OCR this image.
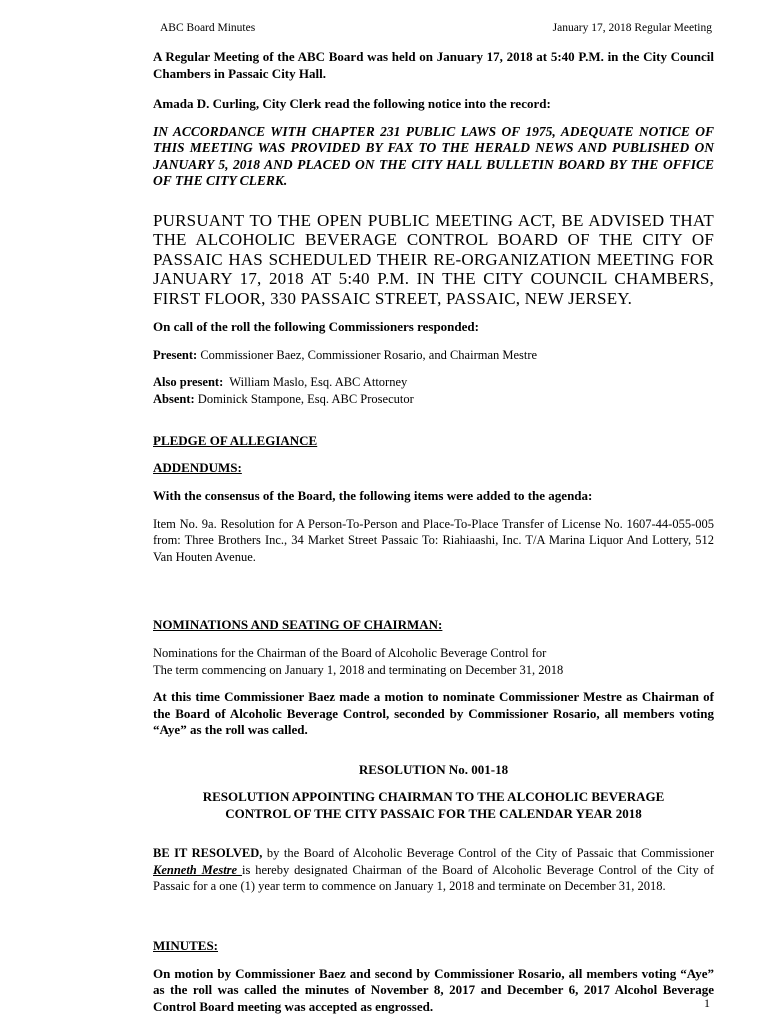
ABC Board Minutes	January 17, 2018 Regular Meeting

A Regular Meeting of the ABC Board was held on January 17, 2018 at 5:40 P.M. in the City Council Chambers in Passaic City Hall.

Amada D. Curling, City Clerk read the following notice into the record:

IN ACCORDANCE WITH CHAPTER 231 PUBLIC LAWS OF 1975, ADEQUATE NOTICE OF THIS MEETING WAS PROVIDED BY FAX TO THE HERALD NEWS AND PUBLISHED ON JANUARY 5, 2018 AND PLACED ON THE CITY HALL BULLETIN BOARD BY THE OFFICE OF THE CITY CLERK.

PURSUANT TO THE OPEN PUBLIC MEETING ACT, BE ADVISED THAT THE ALCOHOLIC BEVERAGE CONTROL BOARD OF THE CITY OF PASSAIC HAS SCHEDULED THEIR RE-ORGANIZATION MEETING FOR JANUARY 17, 2018 AT 5:40 P.M. IN THE CITY COUNCIL CHAMBERS, FIRST FLOOR, 330 PASSAIC STREET, PASSAIC, NEW JERSEY.

On call of the roll the following Commissioners responded:

Present: Commissioner Baez, Commissioner Rosario, and Chairman Mestre

Also present: William Maslo, Esq. ABC Attorney

Absent: Dominick Stampone, Esq. ABC Prosecutor

PLEDGE OF ALLEGIANCE

ADDENDUMS:

With the consensus of the Board, the following items were added to the agenda:

Item No. 9a. Resolution for A Person-To-Person and Place-To-Place Transfer of License No. 1607-44-055-005 from: Three Brothers Inc., 34 Market Street Passaic To: Riahiaashi, Inc. T/A Marina Liquor And Lottery, 512 Van Houten Avenue.

NOMINATIONS AND SEATING OF CHAIRMAN:

Nominations for the Chairman of the Board of Alcoholic Beverage Control for

The term commencing on January 1, 2018 and terminating on December 31, 2018

At this time Commissioner Baez made a motion to nominate Commissioner Mestre as Chairman of the Board of Alcoholic Beverage Control, seconded by Commissioner Rosario, all members voting “Aye” as the roll was called.

RESOLUTION No. 001-18

RESOLUTION APPOINTING CHAIRMAN TO THE ALCOHOLIC BEVERAGE

CONTROL OF THE CITY PASSAIC FOR THE CALENDAR YEAR 2018

BE IT RESOLVED, by the Board of Alcoholic Beverage Control of the City of Passaic that Commissioner Kenneth Mestre is hereby designated Chairman of the Board of Alcoholic Beverage Control of the City of Passaic for a one (1) year term to commence on January 1, 2018 and terminate on December 31, 2018.

MINUTES:

On motion by Commissioner Baez and second by Commissioner Rosario, all members voting “Aye” as the roll was called the minutes of November 8, 2017 and December 6, 2017 Alcohol Beverage Control Board meeting was accepted as engrossed.	1
